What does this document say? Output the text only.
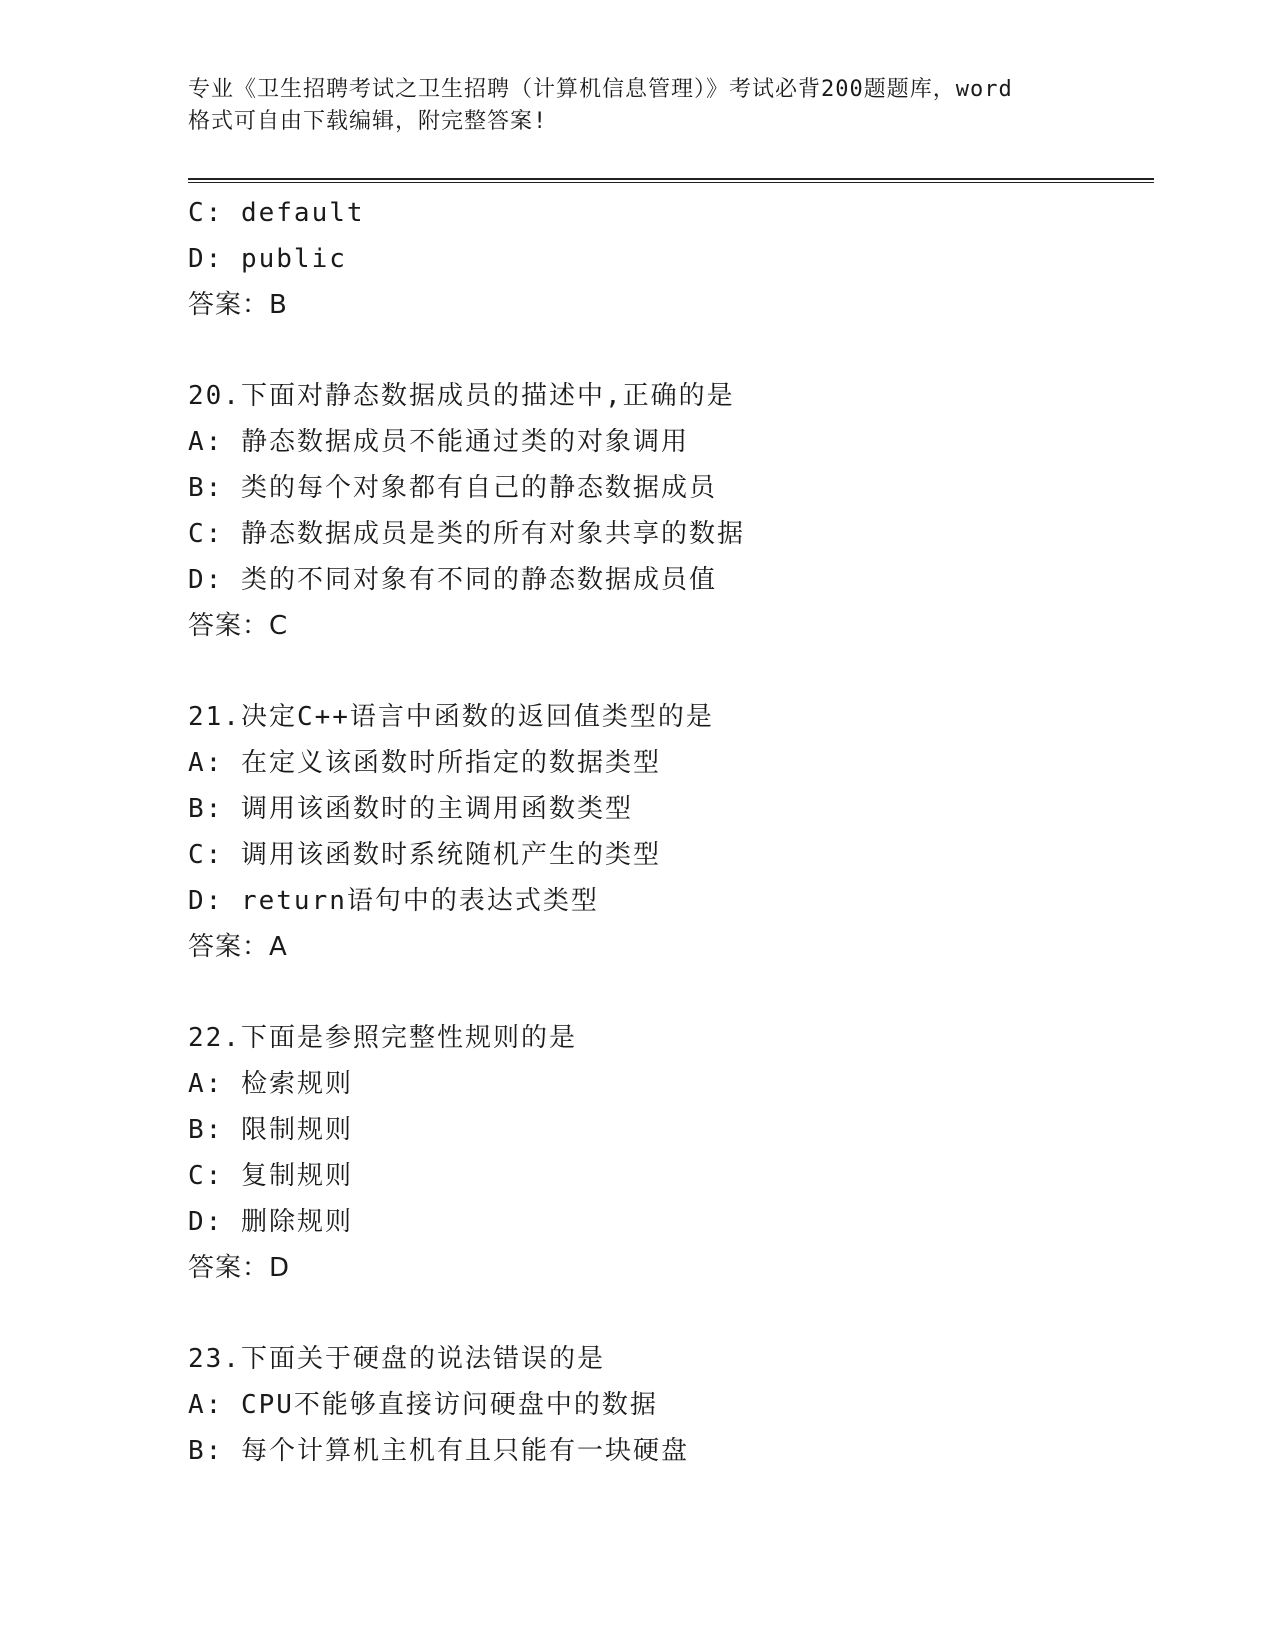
专业《卫生招聘考试之卫生招聘（计算机信息管理）》考试必背200题题库，word
格式可自由下载编辑，附完整答案!
C: default
D: public
答案：B
20.下面对静态数据成员的描述中,正确的是
A: 静态数据成员不能通过类的对象调用
B: 类的每个对象都有自己的静态数据成员
C: 静态数据成员是类的所有对象共享的数据
D: 类的不同对象有不同的静态数据成员值
答案：C
21.决定C++语言中函数的返回值类型的是
A: 在定义该函数时所指定的数据类型
B: 调用该函数时的主调用函数类型
C: 调用该函数时系统随机产生的类型
D: return语句中的表达式类型
答案：A
22.下面是参照完整性规则的是
A: 检索规则
B: 限制规则
C: 复制规则
D: 删除规则
答案：D
23.下面关于硬盘的说法错误的是
A: CPU不能够直接访问硬盘中的数据
B: 每个计算机主机有且只能有一块硬盘
